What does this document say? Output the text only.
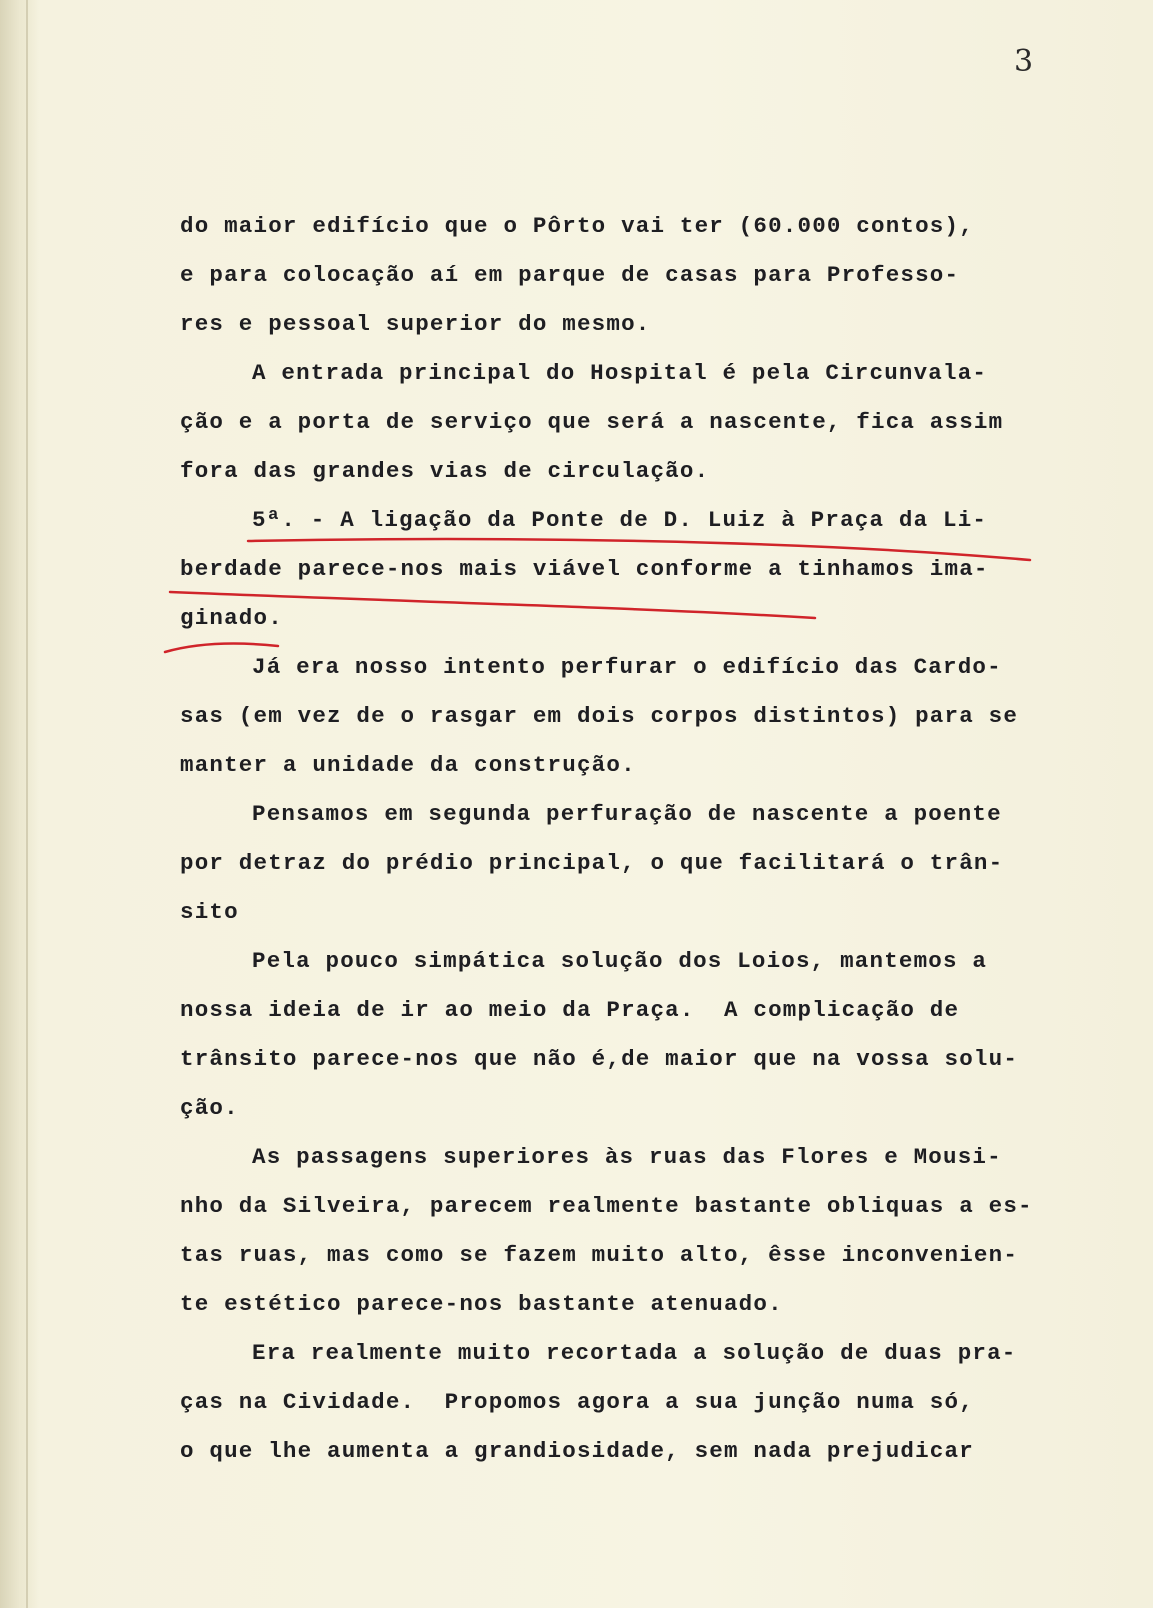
3

do maior edifício que o Pôrto vai ter (60.000 contos),
e para colocação aí em parque de casas para Professo-
res e pessoal superior do mesmo.
A entrada principal do Hospital é pela Circunvala-
ção e a porta de serviço que será a nascente, fica assim
fora das grandes vias de circulação.
5ª. - A ligação da Ponte de D. Luiz à Praça da Li-
berdade parece-nos mais viável conforme a tinhamos ima-
ginado.
Já era nosso intento perfurar o edifício das Cardo-
sas (em vez de o rasgar em dois corpos distintos) para se
manter a unidade da construção.
Pensamos em segunda perfuração de nascente a poente
por detraz do prédio principal, o que facilitará o trân-
sito
Pela pouco simpática solução dos Loios, mantemos a
nossa ideia de ir ao meio da Praça.  A complicação de
trânsito parece-nos que não é,de maior que na vossa solu-
ção.
As passagens superiores às ruas das Flores e Mousi-
nho da Silveira, parecem realmente bastante obliquas a es-
tas ruas, mas como se fazem muito alto, êsse inconvenien-
te estético parece-nos bastante atenuado.
Era realmente muito recortada a solução de duas pra-
ças na Cividade.  Propomos agora a sua junção numa só,
o que lhe aumenta a grandiosidade, sem nada prejudicar
